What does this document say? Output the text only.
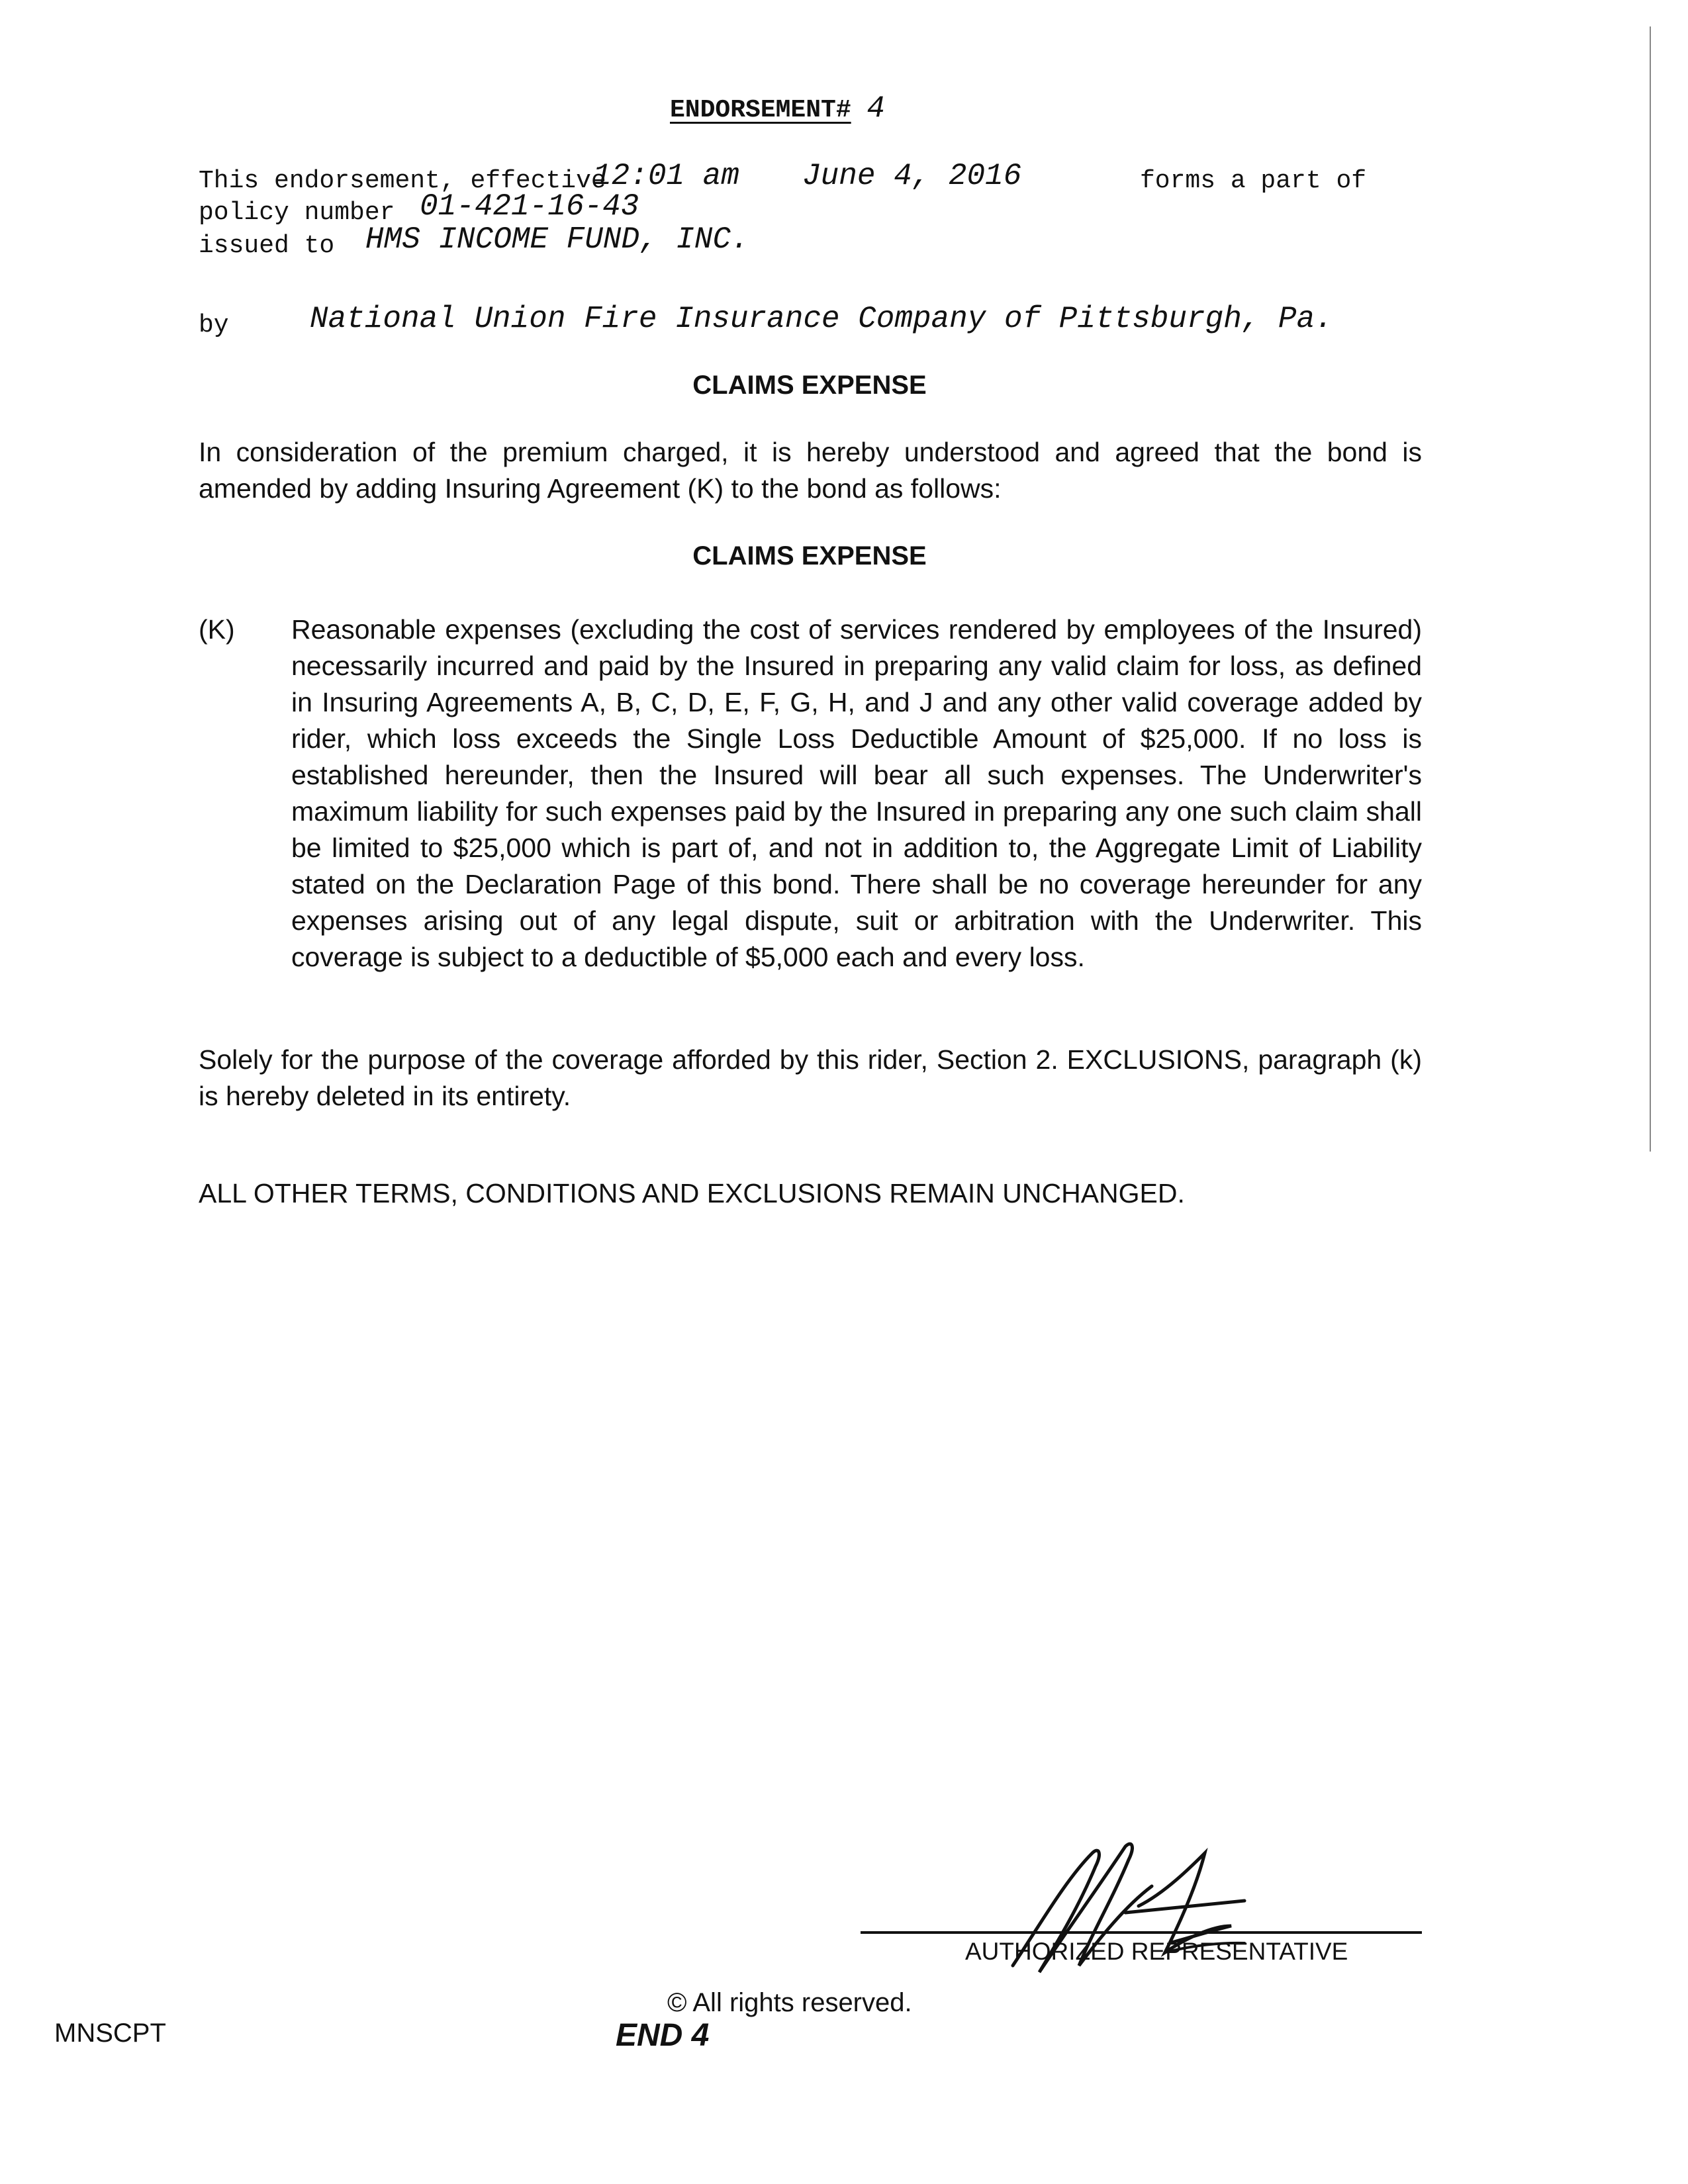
ENDORSEMENT# 4
This endorsement, effective
12:01 am June 4, 2016	forms a part of
policy number 01-421-16-43
issued to HMS INCOME FUND, INC.
by	National Union Fire Insurance Company of Pittsburgh, Pa.
CLAIMS EXPENSE
In consideration of the premium charged, it is hereby understood and agreed that the bond is amended by adding Insuring Agreement (K) to the bond as follows:
CLAIMS EXPENSE
(K) Reasonable expenses (excluding the cost of services rendered by employees of the Insured) necessarily incurred and paid by the Insured in preparing any valid claim for loss, as defined in Insuring Agreements A, B, C, D, E, F, G, H, and J and any other valid coverage added by rider, which loss exceeds the Single Loss Deductible Amount of $25,000. If no loss is established hereunder, then the Insured will bear all such expenses. The Underwriter's maximum liability for such expenses paid by the Insured in preparing any one such claim shall be limited to $25,000 which is part of, and not in addition to, the Aggregate Limit of Liability stated on the Declaration Page of this bond. There shall be no coverage hereunder for any expenses arising out of any legal dispute, suit or arbitration with the Underwriter. This coverage is subject to a deductible of $5,000 each and every loss.
Solely for the purpose of the coverage afforded by this rider, Section 2. EXCLUSIONS, paragraph (k) is hereby deleted in its entirety.
ALL OTHER TERMS, CONDITIONS AND EXCLUSIONS REMAIN UNCHANGED.
AUTHORIZED REPRESENTATIVE
MNSCPT
© All rights reserved.
END 4
